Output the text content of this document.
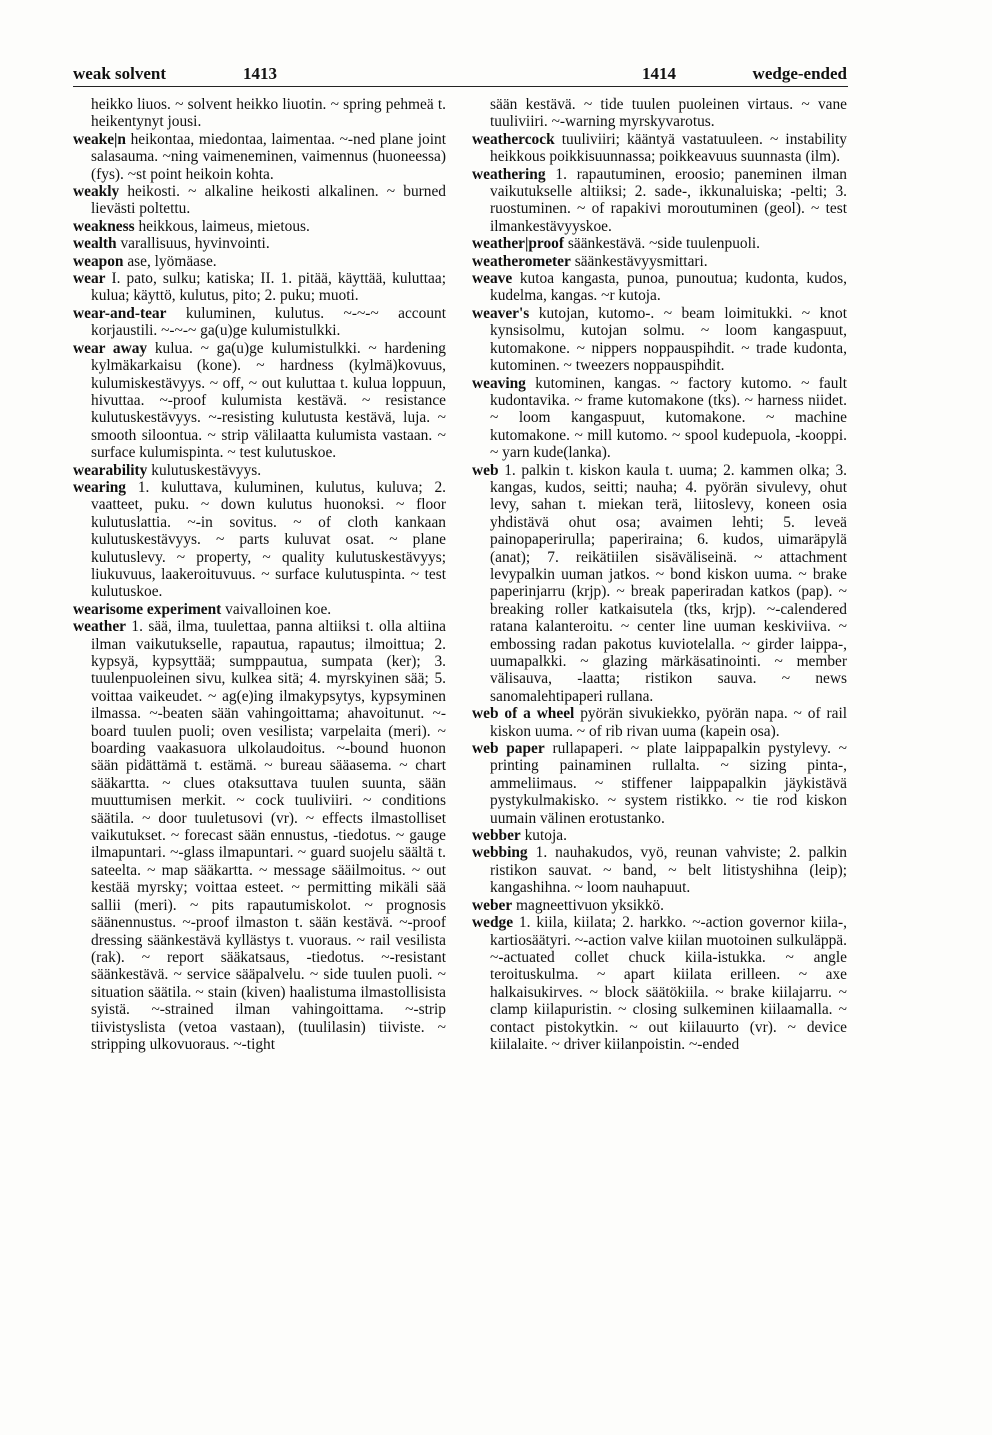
weak solvent	1413	1414	wedge-ended

heikko liuos. ~ solvent heikko liuotin. ~ spring pehmeä t. heikentynyt jousi.

weake|n heikontaa, miedontaa, laimentaa. ~-ned plane joint salasauma. ~ning vaimeneminen, vaimennus (huoneessa) (fys). ~st point heikoin kohta.

weakly heikosti. ~ alkaline heikosti alkalinen. ~ burned lievästi poltettu.

weakness heikkous, laimeus, mietous.

wealth varallisuus, hyvinvointi.

weapon ase, lyömäase.

wear I. pato, sulku; katiska; II. 1. pitää, käyttää, kuluttaa; kulua; käyttö, kulutus, pito; 2. puku; muoti.

wear-and-tear kuluminen, kulutus. ~-~-~ account korjaustili. ~-~-~ ga(u)ge kulumistulkki.

wear away kulua. ~ ga(u)ge kulumistulkki. ~ hardening kylmäkarkaisu (kone). ~ hardness (kylmä)kovuus, kulumiskestävyys. ~ off, ~ out kuluttaa t. kulua loppuun, hivuttaa. ~-proof kulumista kestävä. ~ resistance kulutuskestävyys. ~-resisting kulutusta kestävä, luja. ~ smooth siloontua. ~ strip välilaatta kulumista vastaan. ~ surface kulumispinta. ~ test kulutuskoe.

wearability kulutuskestävyys.

wearing 1. kuluttava, kuluminen, kulutus, kuluva; 2. vaatteet, puku. ~ down kulutus huonoksi. ~ floor kulutuslattia. ~-in sovitus. ~ of cloth kankaan kulutuskestävyys. ~ parts kuluvat osat. ~ plane kulutuslevy. ~ property, ~ quality kulutuskestävyys; liukuvuus, laakeroituvuus. ~ surface kulutuspinta. ~ test kulutuskoe.

wearisome experiment vaivalloinen koe.

weather 1. sää, ilma, tuulettaa, panna altiiksi t. olla altiina ilman vaikutukselle, rapautua, rapautus; ilmoittua; 2. kypsyä, kypsyttää; sumppautua, sumpata (ker); 3. tuulenpuoleinen sivu, kulkea sitä; 4. myrskyinen sää; 5. voittaa vaikeudet. ~ ag(e)ing ilmakypsytys, kypsyminen ilmassa. ~-beaten sään vahingoittama; ahavoitunut. ~-board tuulen puoli; oven vesilista; varpelaita (meri). ~ boarding vaakasuora ulkolaudoitus. ~-bound huonon sään pidättämä t. estämä. ~ bureau sääasema. ~ chart sääkartta. ~ clues otaksuttava tuulen suunta, sään muuttumisen merkit. ~ cock tuuliviiri. ~ conditions säätila. ~ door tuuletusovi (vr). ~ effects ilmastolliset vaikutukset. ~ forecast sään ennustus, -tiedotus. ~ gauge ilmapuntari. ~-glass ilmapuntari. ~ guard suojelu säältä t. sateelta. ~ map sääkartta. ~ message sääilmoitus. ~ out kestää myrsky; voittaa esteet. ~ permitting mikäli sää sallii (meri). ~ pits rapautumiskolot. ~ prognosis säänennustus. ~-proof ilmaston t. sään kestävä. ~-proof dressing säänkestävä kyllästys t. vuoraus. ~ rail vesilista (rak). ~ report sääkatsaus, -tiedotus. ~-resistant säänkestävä. ~ service sääpalvelu. ~ side tuulen puoli. ~ situation säätila. ~ stain (kiven) haalistuma ilmastollisista syistä. ~-strained ilman vahingoittama. ~-strip tiivistyslista (vetoa vastaan), (tuulilasin) tiiviste. ~ stripping ulkovuoraus. ~-tight

sään kestävä. ~ tide tuulen puoleinen virtaus. ~ vane tuuliviiri. ~-warning myrskyvarotus.

weathercock tuuliviiri; kääntyä vastatuuleen. ~ instability heikkous poikkisuunnassa; poikkeavuus suunnasta (ilm).

weathering 1. rapautuminen, eroosio; paneminen ilman vaikutukselle altiiksi; 2. sade-, ikkunaluiska; -pelti; 3. ruostuminen. ~ of rapakivi moroutuminen (geol). ~ test ilmankestävyyskoe.

weather|proof säänkestävä. ~side tuulenpuoli.

weatherometer säänkestävyysmittari.

weave kutoa kangasta, punoa, punoutua; kudonta, kudos, kudelma, kangas. ~r kutoja.

weaver's kutojan, kutomo-. ~ beam loimitukki. ~ knot kynsisolmu, kutojan solmu. ~ loom kangaspuut, kutomakone. ~ nippers noppauspihdit. ~ trade kudonta, kutominen. ~ tweezers noppauspihdit.

weaving kutominen, kangas. ~ factory kutomo. ~ fault kudontavika. ~ frame kutomakone (tks). ~ harness niidet. ~ loom kangaspuut, kutomakone. ~ machine kutomakone. ~ mill kutomo. ~ spool kudepuola, -kooppi. ~ yarn kude(lanka).

web 1. palkin t. kiskon kaula t. uuma; 2. kammen olka; 3. kangas, kudos, seitti; nauha; 4. pyörän sivulevy, ohut levy, sahan t. miekan terä, liitoslevy, koneen osia yhdistävä ohut osa; avaimen lehti; 5. leveä painopaperirulla; paperiraina; 6. kudos, uimaräpylä (anat); 7. reikätiilen sisäväliseinä. ~ attachment levypalkin uuman jatkos. ~ bond kiskon uuma. ~ brake paperinjarru (krjp). ~ break paperiradan katkos (pap). ~ breaking roller katkaisutela (tks, krjp). ~-calendered ratana kalanteroitu. ~ center line uuman keskiviiva. ~ embossing radan pakotus kuviotelalla. ~ girder laippa-, uumapalkki. ~ glazing märkäsatinointi. ~ member välisauva, -laatta; ristikon sauva. ~ news sanomalehtipaperi rullana.

web of a wheel pyörän sivukiekko, pyörän napa. ~ of rail kiskon uuma. ~ of rib rivan uuma (kapein osa).

web paper rullapaperi. ~ plate laippapalkin pystylevy. ~ printing painaminen rullalta. ~ sizing pinta-, ammeliimaus. ~ stiffener laippapalkin jäykistävä pystykulmakisko. ~ system ristikko. ~ tie rod kiskon uumain välinen erotustanko.

webber kutoja.

webbing 1. nauhakudos, vyö, reunan vahviste; 2. palkin ristikon sauvat. ~ band, ~ belt litistyshihna (leip); kangashihna. ~ loom nauhapuut.

weber magneettivuon yksikkö.

wedge 1. kiila, kiilata; 2. harkko. ~-action governor kiila-, kartiosäätyri. ~-action valve kiilan muotoinen sulkuläppä. ~-actuated collet chuck kiila-istukka. ~ angle teroituskulma. ~ apart kiilata erilleen. ~ axe halkaisukirves. ~ block säätökiila. ~ brake kiilajarru. ~ clamp kiilapuristin. ~ closing sulkeminen kiilaamalla. ~ contact pistokytkin. ~ out kiilauurto (vr). ~ device kiilalaite. ~ driver kiilanpoistin. ~-ended
